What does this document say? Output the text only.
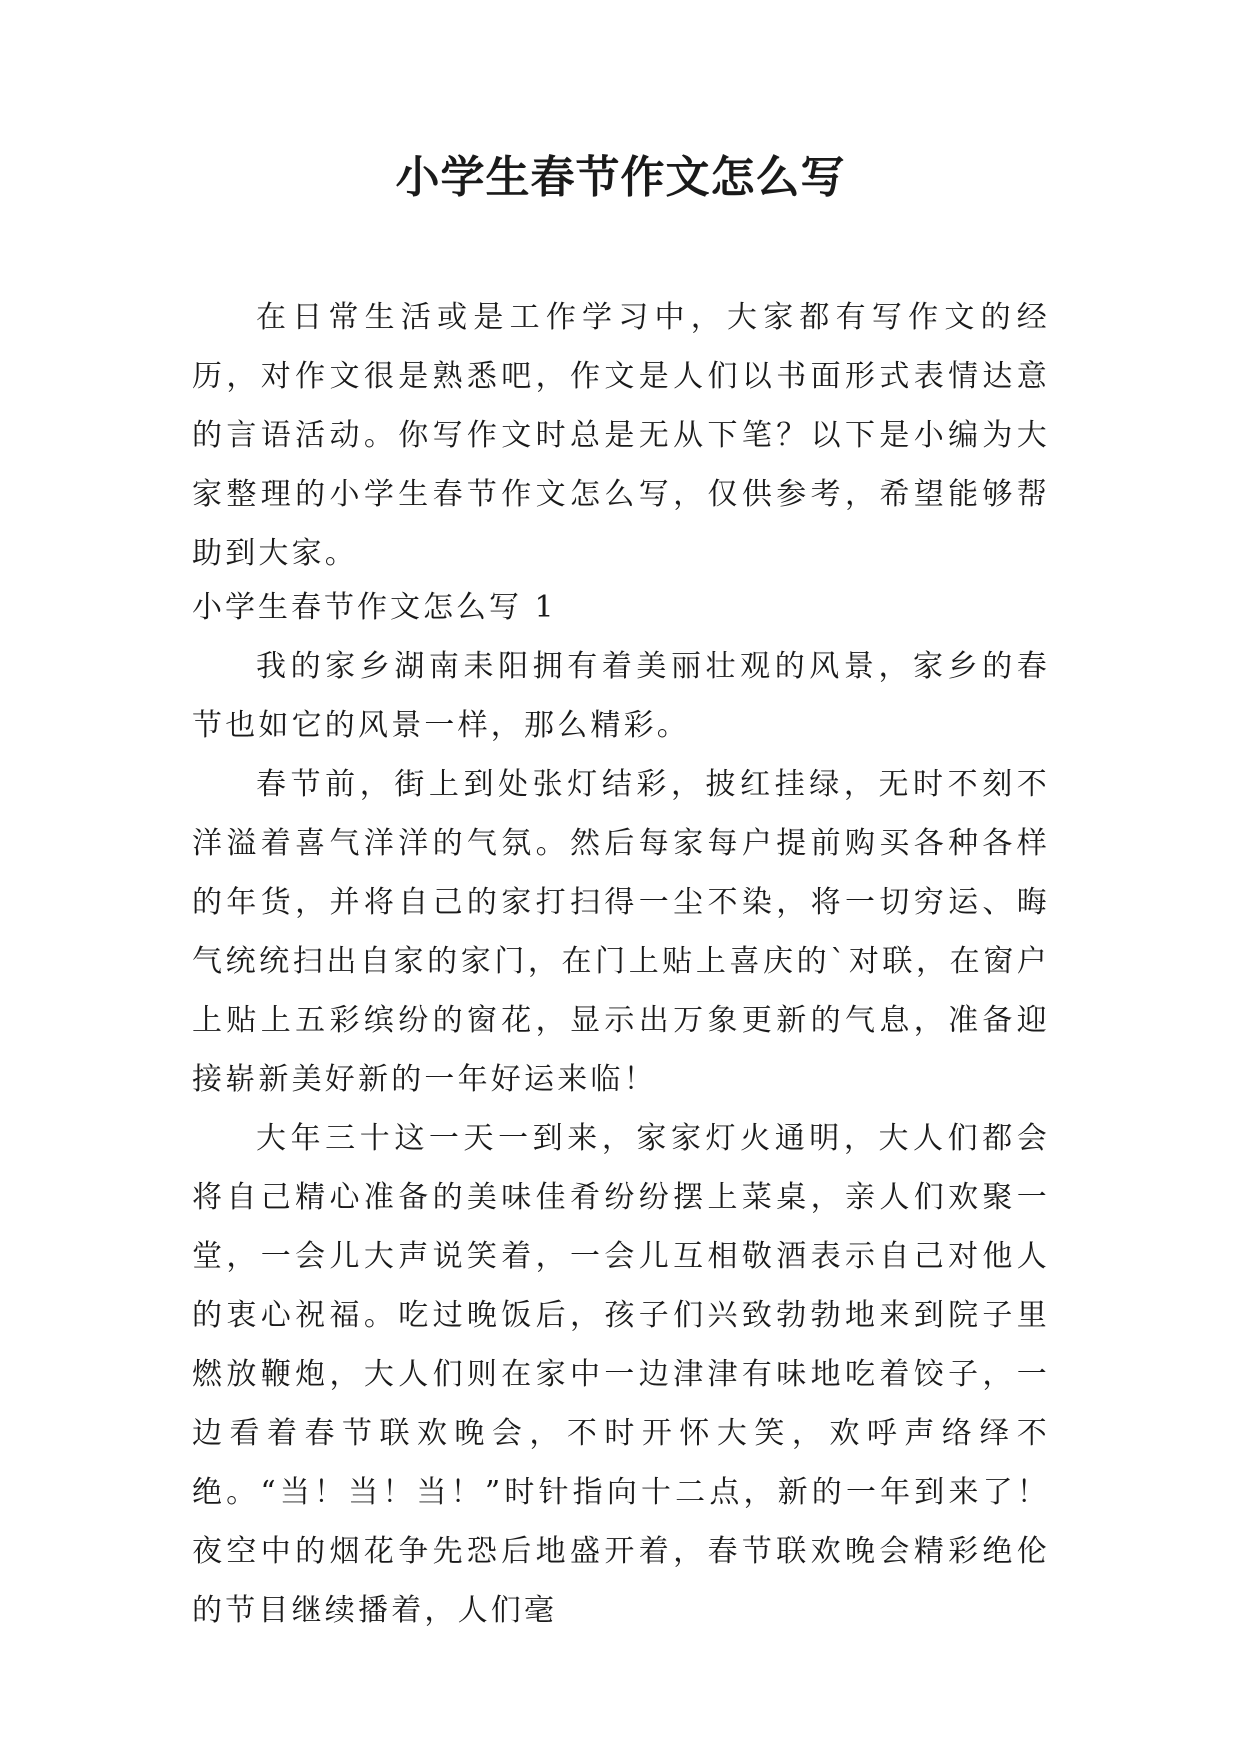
小学生春节作文怎么写

在日常生活或是工作学习中，大家都有写作文的经历，对作文很是熟悉吧，作文是人们以书面形式表情达意的言语活动。你写作文时总是无从下笔？以下是小编为大家整理的小学生春节作文怎么写，仅供参考，希望能够帮助到大家。

小学生春节作文怎么写 1

我的家乡湖南耒阳拥有着美丽壮观的风景，家乡的春节也如它的风景一样，那么精彩。

春节前，街上到处张灯结彩，披红挂绿，无时不刻不洋溢着喜气洋洋的气氛。然后每家每户提前购买各种各样的年货，并将自己的家打扫得一尘不染，将一切穷运、晦气统统扫出自家的家门，在门上贴上喜庆的`对联，在窗户上贴上五彩缤纷的窗花，显示出万象更新的气息，准备迎接崭新美好新的一年好运来临！

大年三十这一天一到来，家家灯火通明，大人们都会将自己精心准备的美味佳肴纷纷摆上菜桌，亲人们欢聚一堂，一会儿大声说笑着，一会儿互相敬酒表示自己对他人的衷心祝福。吃过晚饭后，孩子们兴致勃勃地来到院子里燃放鞭炮，大人们则在家中一边津津有味地吃着饺子，一边看着春节联欢晚会，不时开怀大笑，欢呼声络绎不绝。“当！当！当！”时针指向十二点，新的一年到来了！夜空中的烟花争先恐后地盛开着，春节联欢晚会精彩绝伦的节目继续播着，人们毫
